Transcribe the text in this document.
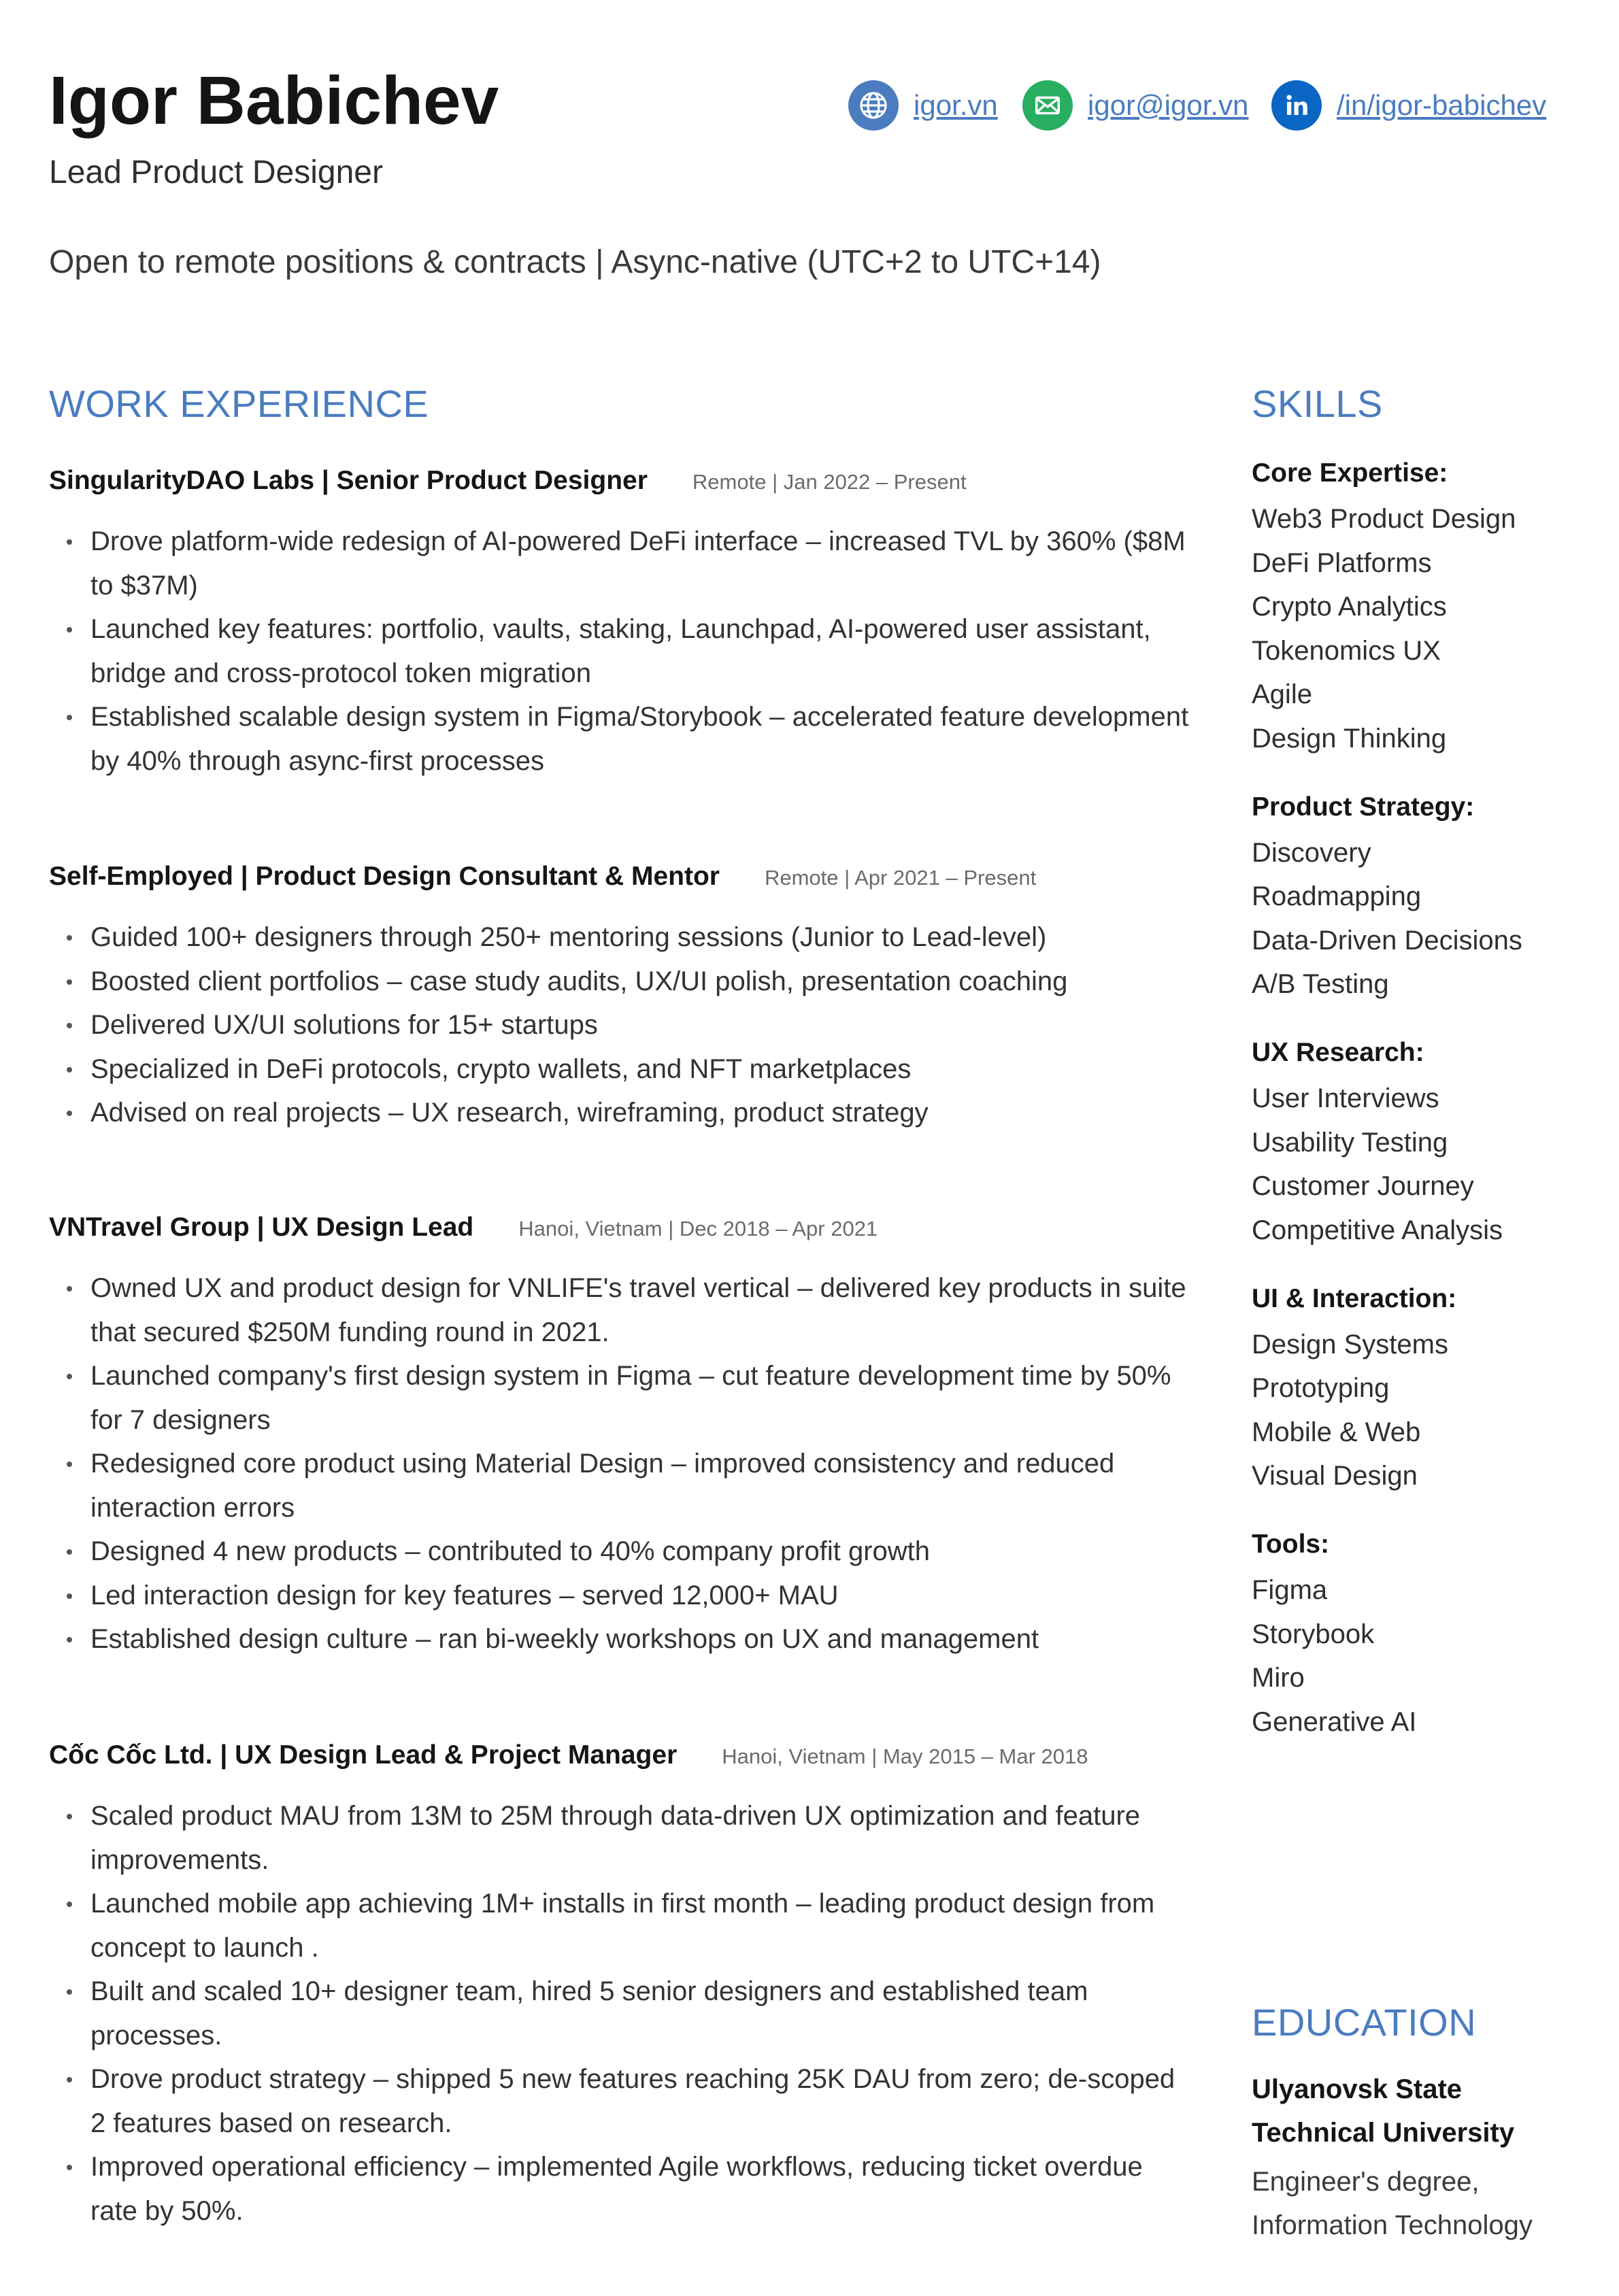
Igor Babichev
Lead Product Designer
Open to remote positions & contracts | Async-native (UTC+2 to UTC+14)
igor.vn	igor@igor.vn	/in/igor-babichev
WORK EXPERIENCE
SingularityDAO Labs | Senior Product Designer Remote | Jan 2022 – Present
Drove platform-wide redesign of AI-powered DeFi interface – increased TVL by 360% ($8M to $37M)
Launched key features: portfolio, vaults, staking, Launchpad, AI-powered user assistant, bridge and cross-protocol token migration
Established scalable design system in Figma/Storybook – accelerated feature development by 40% through async-first processes
Self-Employed | Product Design Consultant & Mentor Remote | Apr 2021 – Present
Guided 100+ designers through 250+ mentoring sessions (Junior to Lead-level)
Boosted client portfolios – case study audits, UX/UI polish, presentation coaching
Delivered UX/UI solutions for 15+ startups
Specialized in DeFi protocols, crypto wallets, and NFT marketplaces
Advised on real projects – UX research, wireframing, product strategy
VNTravel Group | UX Design Lead Hanoi, Vietnam | Dec 2018 – Apr 2021
Owned UX and product design for VNLIFE's travel vertical – delivered key products in suite that secured $250M funding round in 2021.
Launched company's first design system in Figma – cut feature development time by 50% for 7 designers
Redesigned core product using Material Design – improved consistency and reduced interaction errors
Designed 4 new products – contributed to 40% company profit growth
Led interaction design for key features – served 12,000+ MAU
Established design culture – ran bi-weekly workshops on UX and management
Cốc Cốc Ltd. | UX Design Lead & Project Manager Hanoi, Vietnam | May 2015 – Mar 2018
Scaled product MAU from 13M to 25M through data-driven UX optimization and feature improvements.
Launched mobile app achieving 1M+ installs in first month – leading product design from concept to launch .
Built and scaled 10+ designer team, hired 5 senior designers and established team processes.
Drove product strategy – shipped 5 new features reaching 25K DAU from zero; de-scoped 2 features based on research.
Improved operational efficiency – implemented Agile workflows, reducing ticket overdue rate by 50%.
SKILLS
Core Expertise:
Web3 Product Design
DeFi Platforms
Crypto Analytics
Tokenomics UX
Agile
Design Thinking
Product Strategy:
Discovery
Roadmapping
Data-Driven Decisions
A/B Testing
UX Research:
User Interviews
Usability Testing
Customer Journey
Competitive Analysis
UI & Interaction:
Design Systems
Prototyping
Mobile & Web
Visual Design
Tools:
Figma
Storybook
Miro
Generative AI
EDUCATION
Ulyanovsk State Technical University
Engineer's degree, Information Technology
